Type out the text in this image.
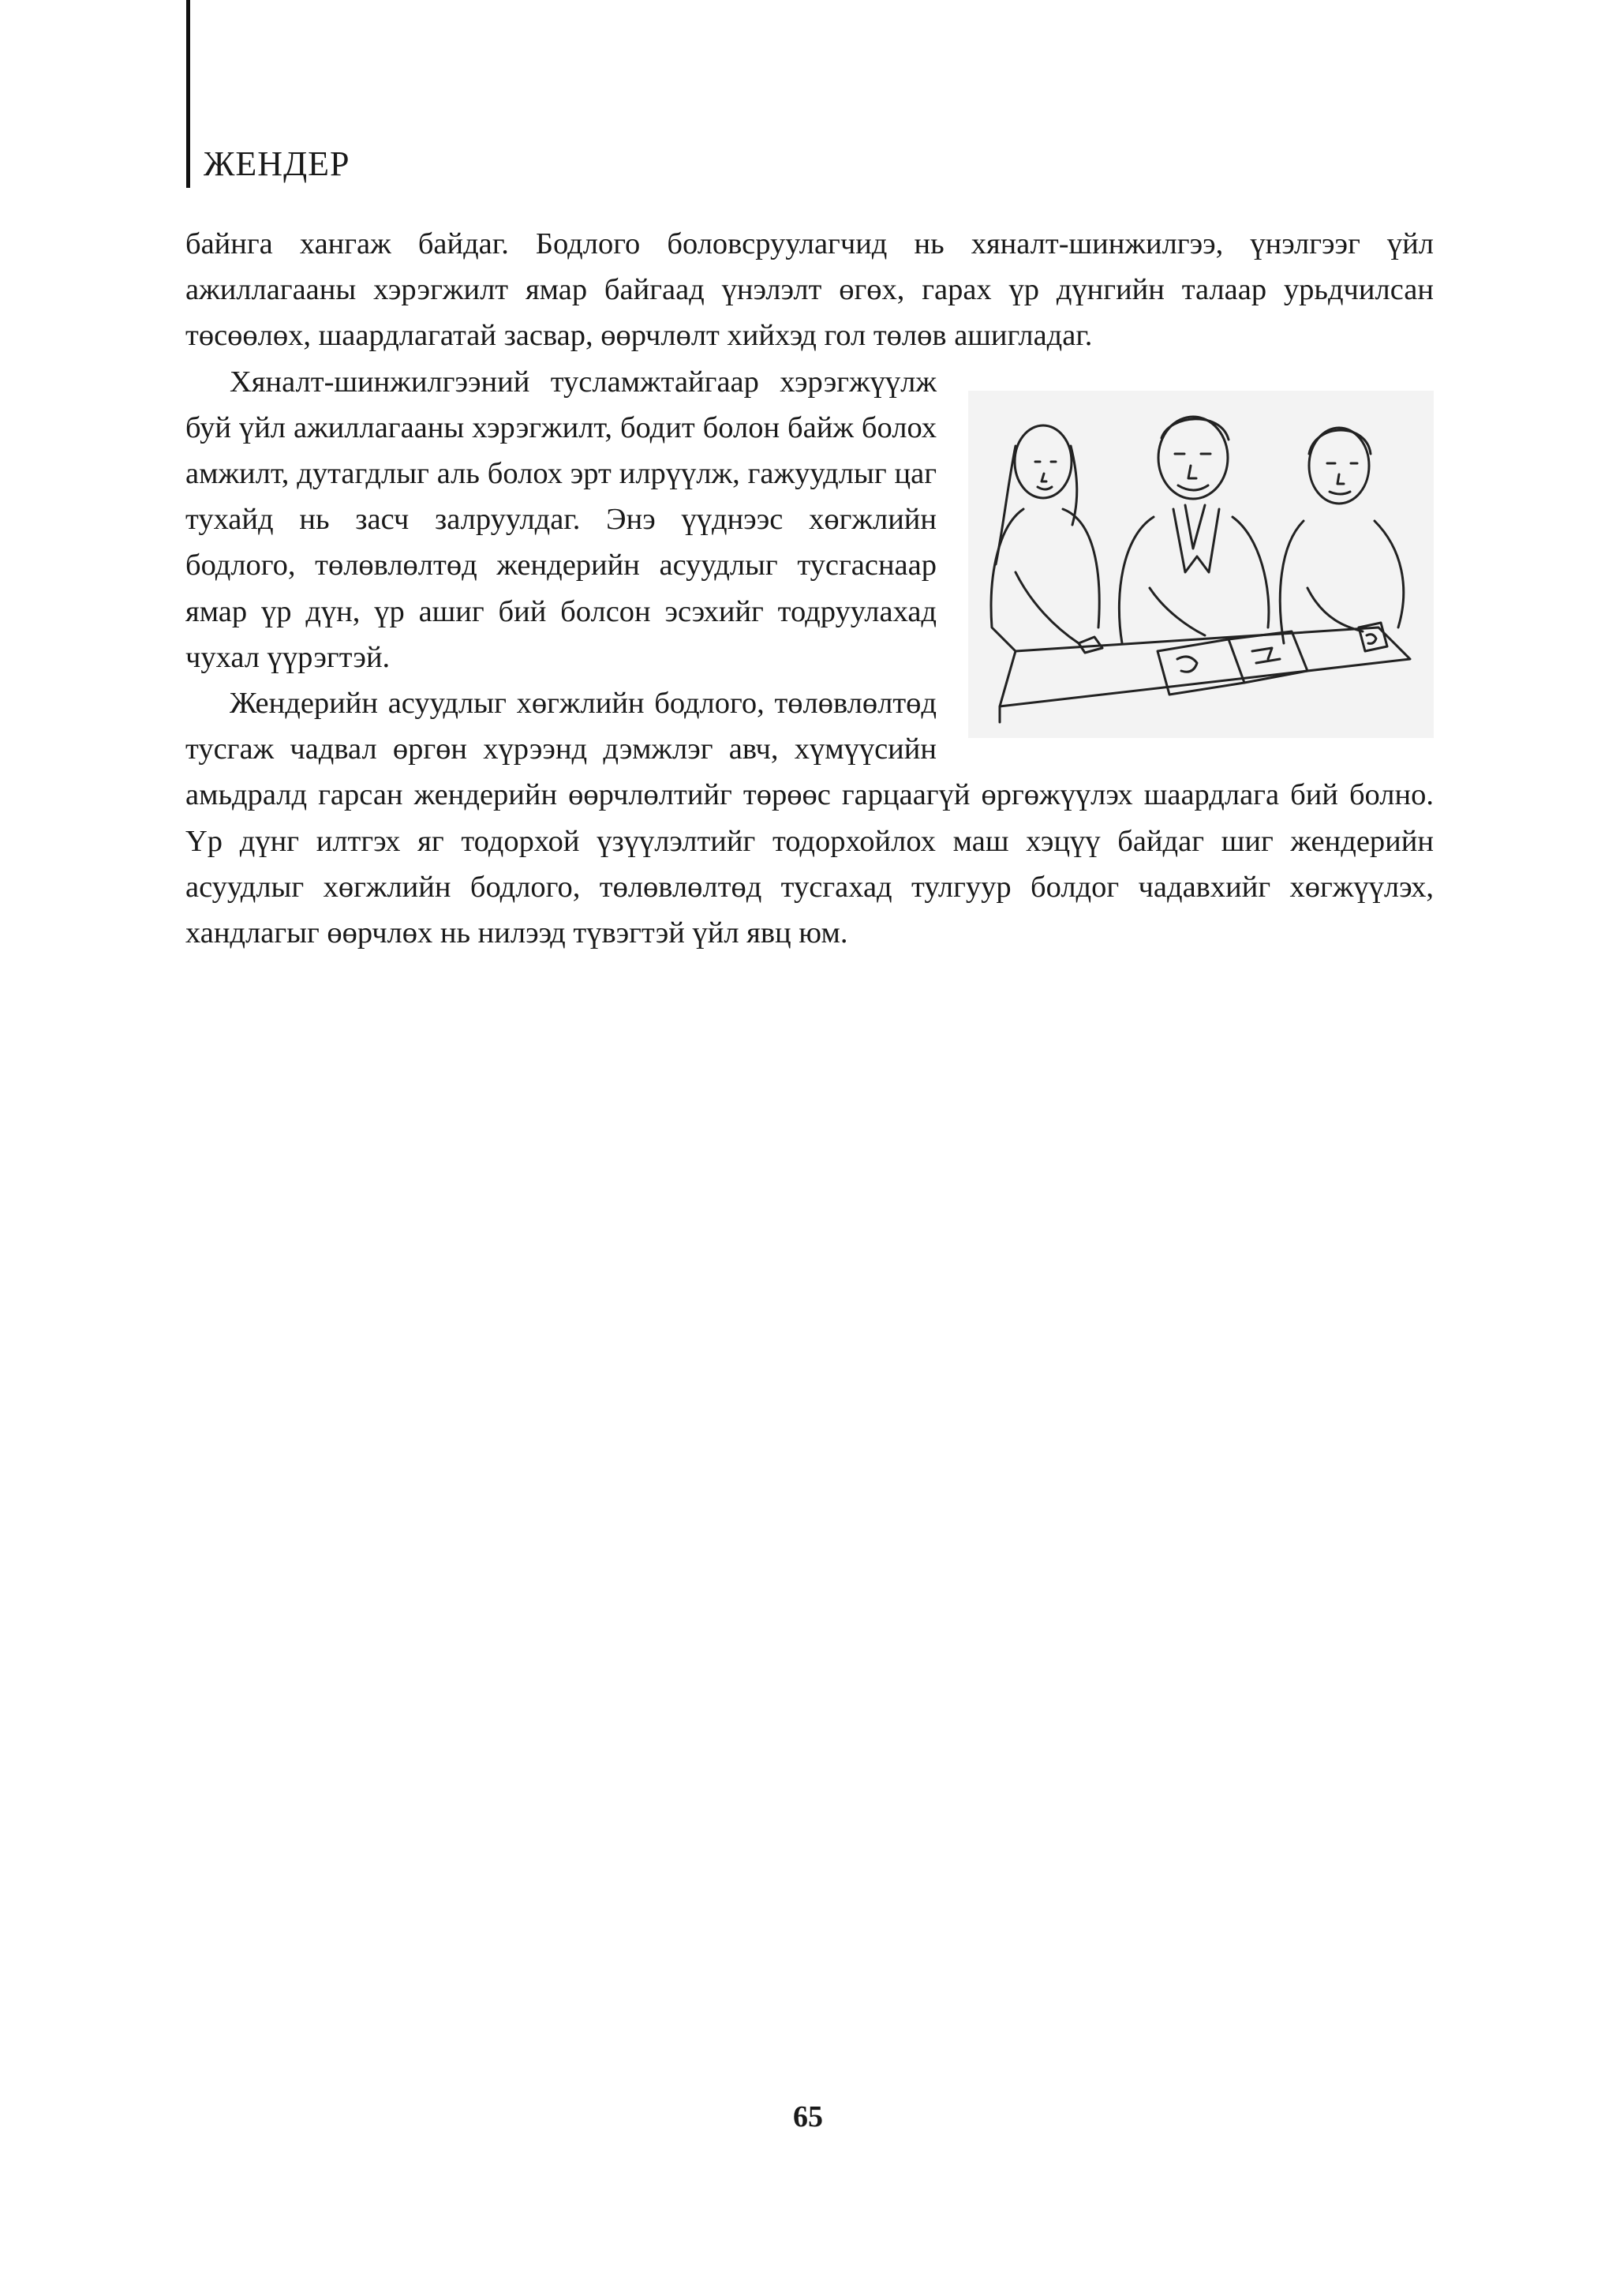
ЖЕНДЕР

байнга хангаж байдаг. Бодлого боловсруулагчид нь хяналт-шинжилгээ, үнэлгээг үйл ажиллагааны хэрэгжилт ямар байгаад үнэлэлт өгөх, гарах үр дүнгийн талаар урьдчилсан төсөөлөх, шаардлагатай засвар, өөрчлөлт хийхэд гол төлөв ашигладаг.

Хяналт-шинжилгээний тусламжтайгаар хэрэгжүүлж буй үйл ажиллагааны хэрэгжилт, бодит болон байж болох амжилт, дутагдлыг аль болох эрт илрүүлж, гажуудлыг цаг тухайд нь засч залруулдаг. Энэ үүднээс хөгжлийн бодлого, төлөвлөлтөд жендерийн асуудлыг тусгаснаар ямар үр дүн, үр ашиг бий болсон эсэхийг тодруулахад чухал үүрэгтэй.

Жендерийн асуудлыг хөгжлийн бодлого, төлөвлөлтөд тусгаж чадвал өргөн хүрээнд дэмжлэг авч, хүмүүсийн амьдралд гарсан жендерийн өөрчлөлтийг төрөөс гарцаагүй өргөжүүлэх шаардлага бий болно. Үр дүнг илтгэх яг тодорхой үзүүлэлтийг тодорхойлох маш хэцүү байдаг шиг жендерийн асуудлыг хөгжлийн бодлого, төлөвлөлтөд тусгахад тулгуур болдог чадавхийг хөгжүүлэх, хандлагыг өөрчлөх нь нилээд түвэгтэй үйл явц юм.

65
